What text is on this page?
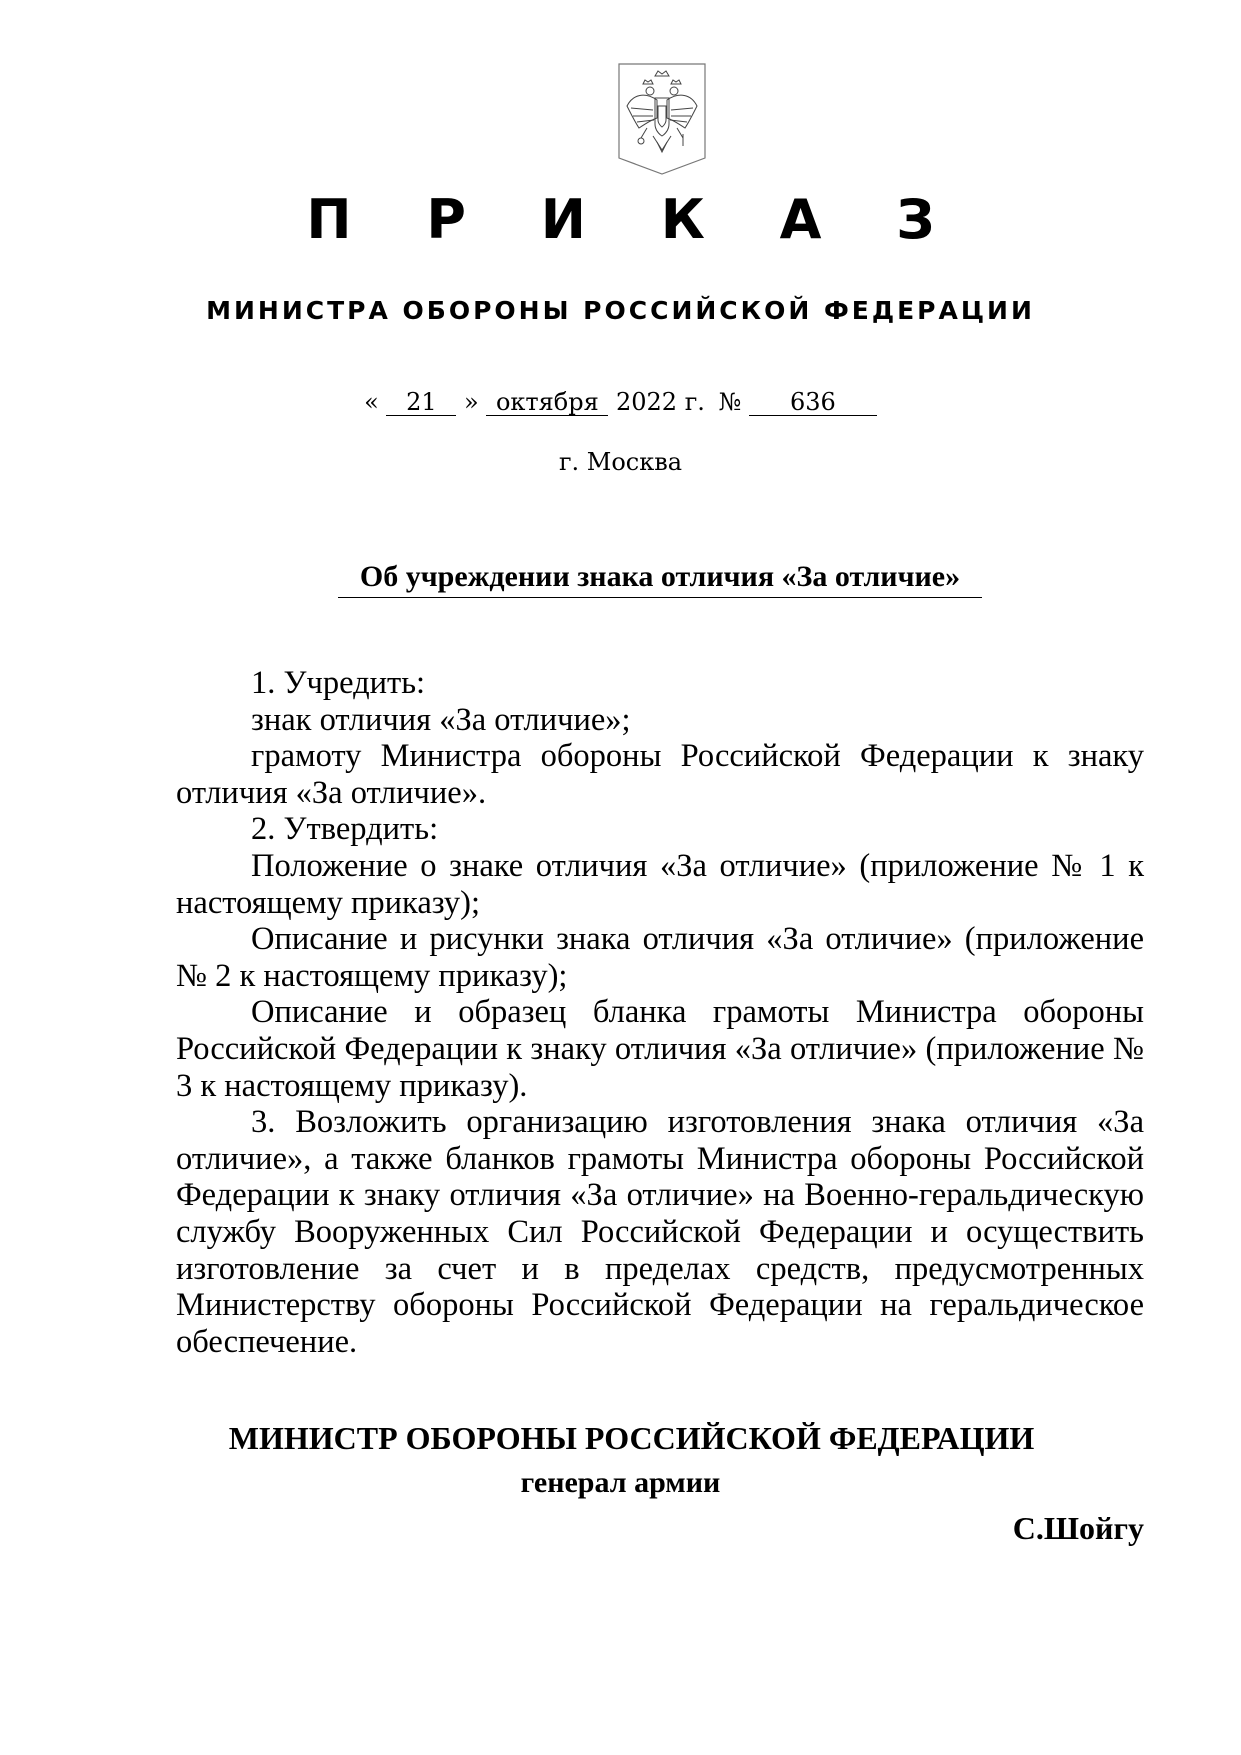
П Р И К А З
МИНИСТРА ОБОРОНЫ РОССИЙСКОЙ ФЕДЕРАЦИИ
« 21 » октября 2022 г. № 636
г. Москва
Об учреждении знака отличия «За отличие»

1. Учредить:

знак отличия «За отличие»;

грамоту Министра обороны Российской Федерации к знаку отличия «За отличие».

2. Утвердить:

Положение о знаке отличия «За отличие» (приложение № 1 к настоящему приказу);

Описание и рисунки знака отличия «За отличие» (приложение № 2 к настоящему приказу);

Описание и образец бланка грамоты Министра обороны Российской Федерации к знаку отличия «За отличие» (приложение № 3 к настоящему приказу).

3. Возложить организацию изготовления знака отличия «За отличие», а также бланков грамоты Министра обороны Российской Федерации к знаку отличия «За отличие» на Военно-геральдическую службу Вооруженных Сил Российской Федерации и осуществить изготовление за счет и в пределах средств, предусмотренных Министерству обороны Российской Федерации на геральдическое обеспечение.

МИНИСТР ОБОРОНЫ РОССИЙСКОЙ ФЕДЕРАЦИИ
генерал армии
С.Шойгу
